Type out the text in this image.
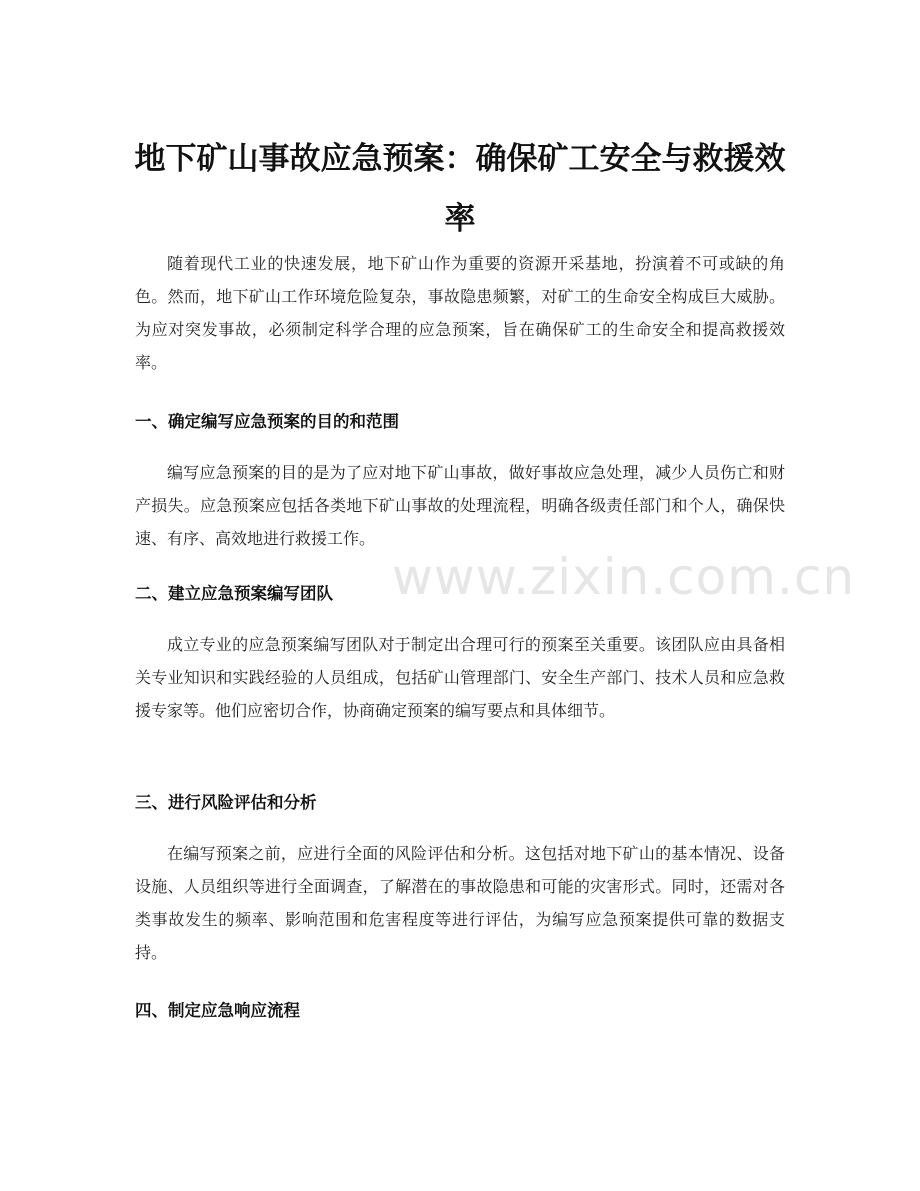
www.zixin.com.cn
地下矿山事故应急预案：确保矿工安全与救援效率

随着现代工业的快速发展，地下矿山作为重要的资源开采基地，扮演着不可或缺的角色。然而，地下矿山工作环境危险复杂，事故隐患频繁，对矿工的生命安全构成巨大威胁。为应对突发事故，必须制定科学合理的应急预案，旨在确保矿工的生命安全和提高救援效率。

一、确定编写应急预案的目的和范围

编写应急预案的目的是为了应对地下矿山事故，做好事故应急处理，减少人员伤亡和财产损失。应急预案应包括各类地下矿山事故的处理流程，明确各级责任部门和个人，确保快速、有序、高效地进行救援工作。

二、建立应急预案编写团队

成立专业的应急预案编写团队对于制定出合理可行的预案至关重要。该团队应由具备相关专业知识和实践经验的人员组成，包括矿山管理部门、安全生产部门、技术人员和应急救援专家等。他们应密切合作，协商确定预案的编写要点和具体细节。

三、进行风险评估和分析

在编写预案之前，应进行全面的风险评估和分析。这包括对地下矿山的基本情况、设备设施、人员组织等进行全面调查，了解潜在的事故隐患和可能的灾害形式。同时，还需对各类事故发生的频率、影响范围和危害程度等进行评估，为编写应急预案提供可靠的数据支持。

四、制定应急响应流程
